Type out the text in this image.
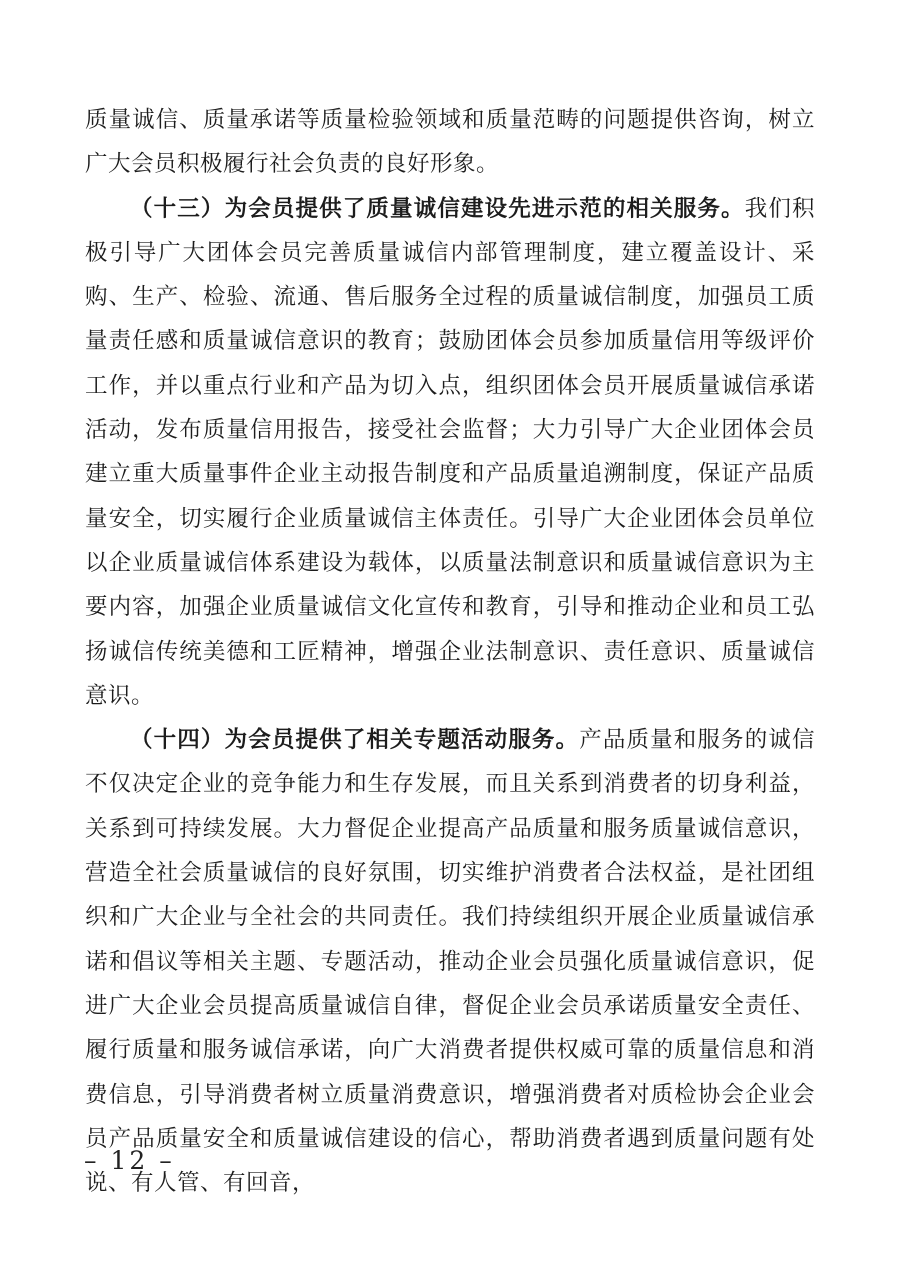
质量诚信、质量承诺等质量检验领域和质量范畴的问题提供咨询，树立广大会员积极履行社会负责的良好形象。

（十三）为会员提供了质量诚信建设先进示范的相关服务。我们积极引导广大团体会员完善质量诚信内部管理制度，建立覆盖设计、采购、生产、检验、流通、售后服务全过程的质量诚信制度，加强员工质量责任感和质量诚信意识的教育；鼓励团体会员参加质量信用等级评价工作，并以重点行业和产品为切入点，组织团体会员开展质量诚信承诺活动，发布质量信用报告，接受社会监督；大力引导广大企业团体会员建立重大质量事件企业主动报告制度和产品质量追溯制度，保证产品质量安全，切实履行企业质量诚信主体责任。引导广大企业团体会员单位以企业质量诚信体系建设为载体，以质量法制意识和质量诚信意识为主要内容，加强企业质量诚信文化宣传和教育，引导和推动企业和员工弘扬诚信传统美德和工匠精神，增强企业法制意识、责任意识、质量诚信意识。

（十四）为会员提供了相关专题活动服务。产品质量和服务的诚信不仅决定企业的竞争能力和生存发展，而且关系到消费者的切身利益，关系到可持续发展。大力督促企业提高产品质量和服务质量诚信意识，营造全社会质量诚信的良好氛围，切实维护消费者合法权益，是社团组织和广大企业与全社会的共同责任。我们持续组织开展企业质量诚信承诺和倡议等相关主题、专题活动，推动企业会员强化质量诚信意识，促进广大企业会员提高质量诚信自律，督促企业会员承诺质量安全责任、履行质量和服务诚信承诺，向广大消费者提供权威可靠的质量信息和消费信息，引导消费者树立质量消费意识，增强消费者对质检协会企业会员产品质量安全和质量诚信建设的信心，帮助消费者遇到质量问题有处说、有人管、有回音，

– 12 –
